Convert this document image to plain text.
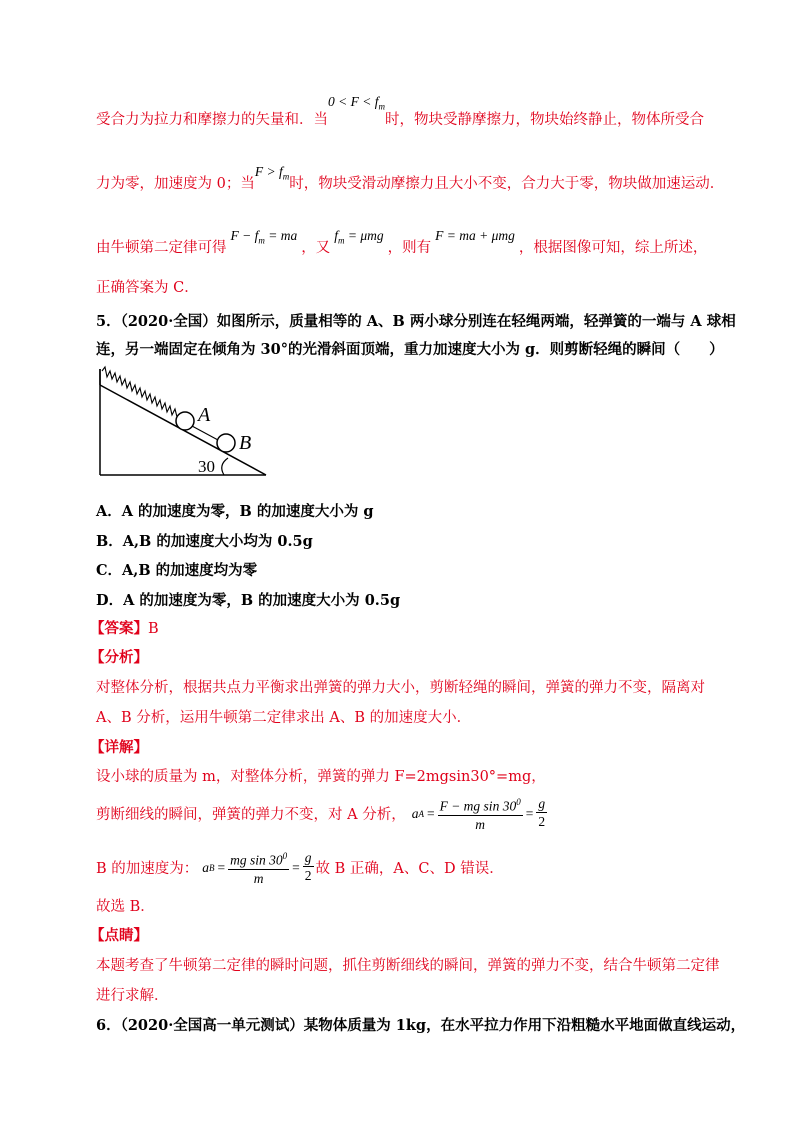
受合力为拉力和摩擦力的矢量和．当$0 < F < f_m$时，物块受静摩擦力，物块始终静止，物体所受合
力为零，加速度为 0；当$F > f_m$时，物块受滑动摩擦力且大小不变，合力大于零，物块做加速运动．
由牛顿第二定律可得$F - f_m$ = ma，又$f_m = \mu mg$，则有F = ma + μmg，根据图像可知，综上所述，
正确答案为 C．
5．（2020·全国）如图所示，质量相等的 A、B 两小球分别连在轻绳两端，轻弹簧的一端与 A 球相
连，另一端固定在倾角为 30°的光滑斜面顶端，重力加速度大小为 g．则剪断轻绳的瞬间（　　）
A
B
30
A．A 的加速度为零，B 的加速度大小为 g
B．A,B 的加速度大小均为 0.5g
C．A,B 的加速度均为零
D．A 的加速度为零，B 的加速度大小为 0.5g
【答案】B
【分析】
对整体分析，根据共点力平衡求出弹簧的弹力大小，剪断轻绳的瞬间，弹簧的弹力不变，隔离对
A、B 分析，运用牛顿第二定律求出 A、B 的加速度大小．
【详解】
设小球的质量为 m，对整体分析，弹簧的弹力 F=2mgsin30°=mg，
剪断细线的瞬间，弹簧的弹力不变，对 A 分析， a $A = \frac{F - mg \sin 30^0}{m} = \frac{g}{2}$
B 的加速度为： a $B = \frac{mg \sin 30^0}{m} = \frac{g}{2}$ 故 B 正确，A、C、D 错误．
故选 B．
【点睛】
本题考查了牛顿第二定律的瞬时问题，抓住剪断细线的瞬间，弹簧的弹力不变，结合牛顿第二定律
进行求解．
6．（2020·全国高一单元测试）某物体质量为 1kg，在水平拉力作用下沿粗糙水平地面做直线运动，
